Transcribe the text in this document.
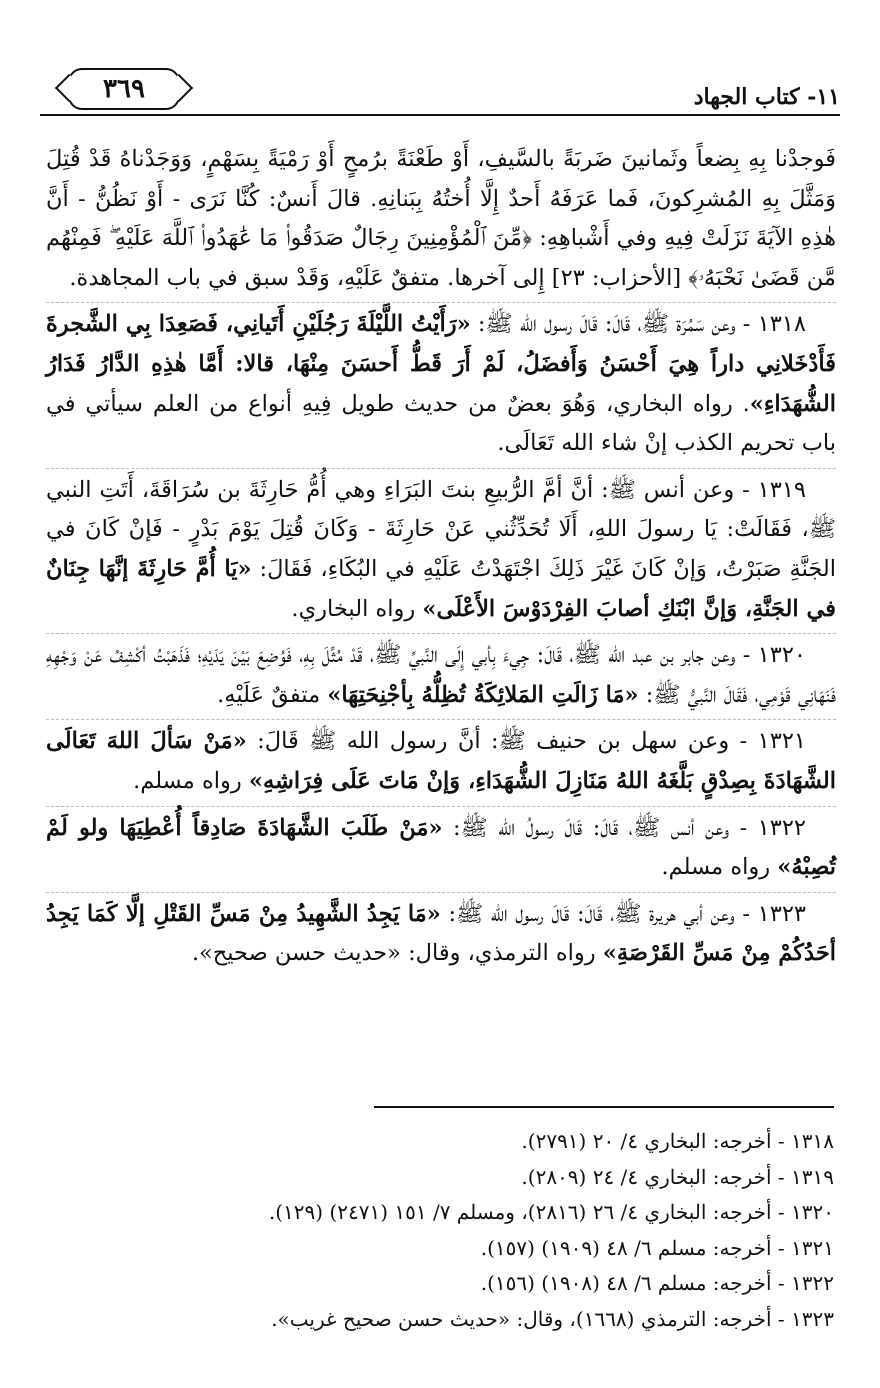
٣٦٩	١١- كتاب الجهاد

فَوجدْنا بِهِ بِضعاً وثَمانينَ ضَربَةً بالسَّيفِ، أَوْ طَعْنَةً برُمحٍ أَوْ رَمْيَةً بِسَهْمٍ، وَوَجَدْناهُ قَدْ قُتِلَ وَمَثَّلَ بِهِ المُشرِكونَ، فَما عَرَفَهُ أَحدٌ إِلَّا أُختُهُ بِبَنانِهِ. قالَ أَنسٌ: كُنَّا نَرَى - أَوْ نَظُنُّ - أَنَّ هٰذِهِ الآيَةَ نَزَلَتْ فِيهِ وفي أَشْباهِهِ: ﴿مِّنَ ٱلْمُؤْمِنِينَ رِجَالٌ صَدَقُوا۟ مَا عَٰهَدُوا۟ ٱللَّهَ عَلَيْهِ ۖ فَمِنْهُم مَّن قَضَىٰ نَحْبَهُۥ﴾ [الأحزاب: ٢٣] إِلى آخرها. متفقٌ عَلَيْهِ، وَقَدْ سبق في باب المجاهدة.

١٣١٨ - وعن سَمُرَة ﷺ، قَالَ: قَالَ رسول الله ﷺ: «رَأَيْتُ اللَّيْلَةَ رَجُلَيْنِ أَتَيانِي، فَصَعِدَا بِي الشَّجرةَ فَأَدْخَلانِي داراً هِيَ أَحْسَنُ وَأَفضَلُ، لَمْ أَرَ قَطُّ أَحسَنَ مِنْهَا، قالا: أَمَّا هٰذِهِ الدَّارُ فَدَارُ الشُّهَدَاءِ». رواه البخاري، وَهُوَ بعضٌ من حديث طويل فِيهِ أنواع من العلم سيأتي في باب تحريم الكذب إنْ شاء الله تَعَالَى.

١٣١٩ - وعن أنس ﷺ: أنَّ أمَّ الرُّبيعِ بنتَ البَرَاءِ وهي أُمُّ حَارِثَةَ بن سُرَاقَةَ، أَتَتِ النبي ﷺ، فَقَالَتْ: يَا رسولَ اللهِ، أَلَا تُحَدِّثُني عَنْ حَارِثَةَ - وَكَانَ قُتِلَ يَوْمَ بَدْرٍ - فَإنْ كَانَ في الجَنَّةِ صَبَرْتُ، وَإنْ كَانَ غَيْرَ ذَلِكَ اجْتَهَدْتُ عَلَيْهِ في البُكَاءِ، فَقَالَ: «يَا أُمَّ حَارِثَةَ إنَّهَا جِنَانٌ في الجَنَّةِ، وَإنَّ ابْنَكِ أصابَ الفِرْدَوْسَ الأَعْلَى» رواه البخاري.

١٣٢٠ - وعن جابر بن عبد الله ﷺ، قَالَ: جِيءَ بِأبي إِلَى النَّبيِّ ﷺ، قَدْ مُثِّلَ بِهِ، فَوُضِعَ بَيْنَ يَدَيْهِ؛ فَذَهَبْتُ أكْشِفُ عَنْ وَجْهِهِ فَنَهَانِي قَوْمِي، فَقَالَ النَّبيُّ ﷺ: «مَا زَالَتِ المَلائِكَةُ تُظِلُّهُ بِأجْنِحَتِهَا» متفقٌ عَلَيْهِ.

١٣٢١ - وعن سهل بن حنيف ﷺ: أنَّ رسول الله ﷺ قَالَ: «مَنْ سَألَ اللهَ تَعَالَى الشَّهَادَةَ بِصِدْقٍ بَلَّغَهُ اللهُ مَنَازِلَ الشُّهَدَاءِ، وَإنْ مَاتَ عَلَى فِرَاشِهِ» رواه مسلم.

١٣٢٢ - وعن أنس ﷺ، قَالَ: قَالَ رسولُ الله ﷺ: «مَنْ طَلَبَ الشَّهَادَةَ صَادِقاً أُعْطِيَهَا ولو لَمْ تُصِبْهُ» رواه مسلم.

١٣٢٣ - وعن أبي هريرة ﷺ، قَالَ: قَالَ رسول الله ﷺ: «مَا يَجِدُ الشَّهِيدُ مِنْ مَسِّ القَتْلِ إلَّا كَمَا يَجِدُ أحَدُكُمْ مِنْ مَسِّ القَرْصَةِ» رواه الترمذي، وقال: «حديث حسن صحيح».

١٣١٨ - أخرجه: البخاري ٤/ ٢٠ (٢٧٩١).
١٣١٩ - أخرجه: البخاري ٤/ ٢٤ (٢٨٠٩).
١٣٢٠ - أخرجه: البخاري ٤/ ٢٦ (٢٨١٦)، ومسلم ٧/ ١٥١ (٢٤٧١) (١٢٩).
١٣٢١ - أخرجه: مسلم ٦/ ٤٨ (١٩٠٩) (١٥٧).
١٣٢٢ - أخرجه: مسلم ٦/ ٤٨ (١٩٠٨) (١٥٦).
١٣٢٣ - أخرجه: الترمذي (١٦٦٨)، وقال: «حديث حسن صحيح غريب».
